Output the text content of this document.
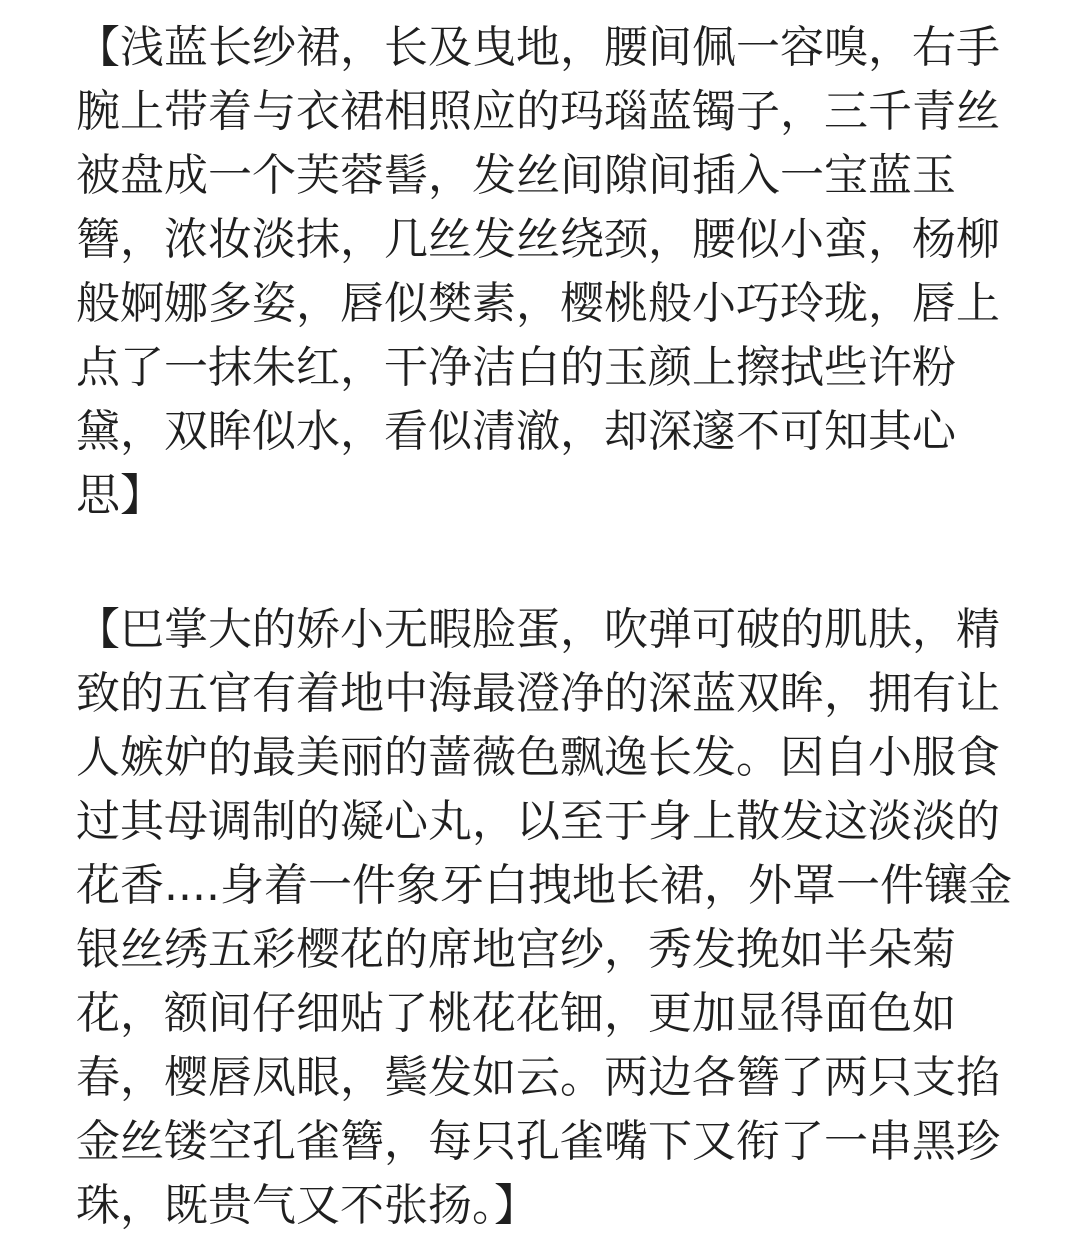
【浅蓝长纱裙，长及曳地，腰间佩一容嗅，右手
腕上带着与衣裙相照应的玛瑙蓝镯子，三千青丝
被盘成一个芙蓉髻，发丝间隙间插入一宝蓝玉
簪，浓妆淡抹，几丝发丝绕颈，腰似小蛮，杨柳
般婀娜多姿，唇似樊素，樱桃般小巧玲珑，唇上
点了一抹朱红，干净洁白的玉颜上擦拭些许粉
黛，双眸似水，看似清澈，却深邃不可知其心
思】
【巴掌大的娇小无暇脸蛋，吹弹可破的肌肤，精
致的五官有着地中海最澄净的深蓝双眸，拥有让
人嫉妒的最美丽的蔷薇色飘逸长发。因自小服食
过其母调制的凝心丸，以至于身上散发这淡淡的
花香....身着一件象牙白拽地长裙，外罩一件镶金
银丝绣五彩樱花的席地宫纱，秀发挽如半朵菊
花，额间仔细贴了桃花花钿，更加显得面色如
春，樱唇凤眼，鬓发如云。两边各簪了两只支掐
金丝镂空孔雀簪，每只孔雀嘴下又衔了一串黑珍
珠，既贵气又不张扬。】
